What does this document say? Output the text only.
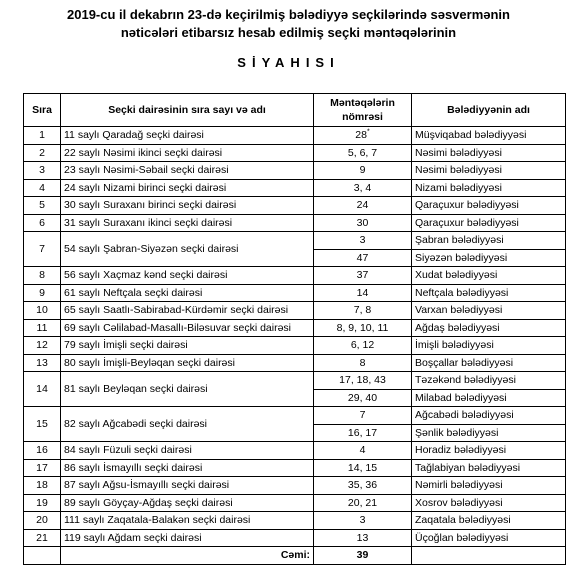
2019-cu il dekabrın 23-də keçirilmiş bələdiyyə seçkilərində səsvermənin
nəticələri etibarsız hesab edilmiş seçki məntəqələrinin
SİYAHISI
Sıra	Seçki dairəsinin sıra sayı və adı	Məntəqələrin
nömrəsi	Bələdiyyənin adı
1	11 saylı Qaradağ seçki dairəsi	28*	Müşviqabad bələdiyyəsi
2	22 saylı Nəsimi ikinci seçki dairəsi	5, 6, 7	Nəsimi bələdiyyəsi
3	23 saylı Nəsimi-Səbail seçki dairəsi	9	Nəsimi bələdiyyəsi
4	24 saylı Nizami birinci seçki dairəsi	3, 4	Nizami bələdiyyəsi
5	30 saylı Suraxanı birinci seçki dairəsi	24	Qaraçuxur bələdiyyəsi
6	31 saylı Suraxanı ikinci seçki dairəsi	30	Qaraçuxur bələdiyyəsi
7	54 saylı Şabran-Siyəzən seçki dairəsi	3	Şabran bələdiyyəsi
		47	Siyəzən bələdiyyəsi
8	56 saylı Xaçmaz kənd seçki dairəsi	37	Xudat bələdiyyəsi
9	61 saylı Neftçala seçki dairəsi	14	Neftçala bələdiyyəsi
10	65 saylı Saatlı-Sabirabad-Kürdəmir seçki dairəsi	7, 8	Varxan bələdiyyəsi
11	69 saylı Cəlilabad-Masallı-Biləsuvar seçki dairəsi	8, 9, 10, 11	Ağdaş bələdiyyəsi
12	79 saylı İmişli seçki dairəsi	6, 12	İmişli bələdiyyəsi
13	80 saylı İmişli-Beyləqan seçki dairəsi	8	Boşçallar bələdiyyəsi
14	81 saylı Beyləqan seçki dairəsi	17, 18, 43	Təzəkənd bələdiyyəsi
		29, 40	Milabad bələdiyyəsi
15	82 saylı Ağcabədi seçki dairəsi	7	Ağcabədi bələdiyyəsi
		16, 17	Şənlik bələdiyyəsi
16	84 saylı Füzuli seçki dairəsi	4	Horadiz bələdiyyəsi
17	86 saylı İsmayıllı seçki dairəsi	14, 15	Tağlabiyan bələdiyyəsi
18	87 saylı Ağsu-İsmayıllı seçki dairəsi	35, 36	Nəmirli bələdiyyəsi
19	89 saylı Göyçay-Ağdaş seçki dairəsi	20, 21	Xosrov bələdiyyəsi
20	111 saylı Zaqatala-Balakən seçki dairəsi	3	Zaqatala bələdiyyəsi
21	119 saylı Ağdam seçki dairəsi	13	Üçoğlan bələdiyyəsi
	Cəmi:	39	
